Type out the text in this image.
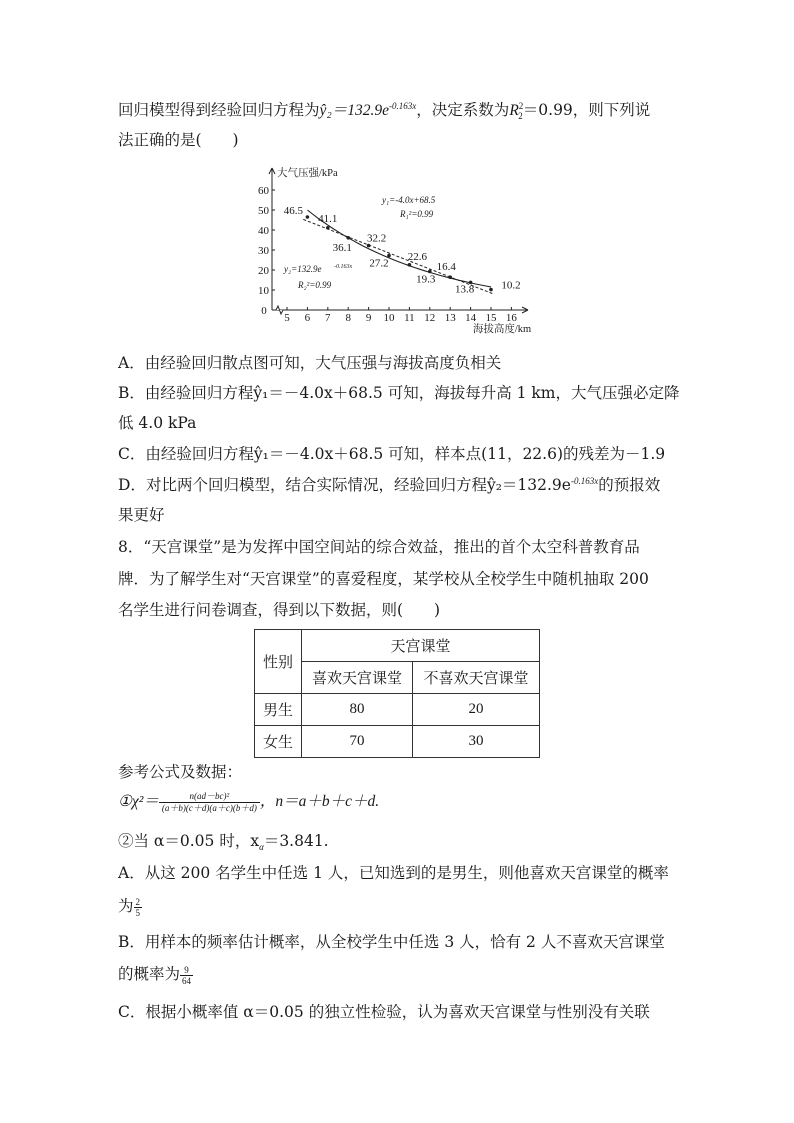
回归模型得到经验回归方程为$ŷ_2=132.9e^{-0.163x}$，决定系数为$R^2_2=0.99$，则下列说
法正确的是(　　)
大气压强/kPa
海拔高度/km
0
10
20
30
40
50
60
5 6 7 8 9 10 11 12 13 14 15 16
46.5
41.1
36.1
32.2
27.2
22.6
19.3
16.4
13.8 10.2
y₁=-4.0x+68.5
R₁²=0.99
y₂=132.9e -0.163x
R₂²=0.99
A．由经验回归散点图可知，大气压强与海拔高度负相关
B．由经验回归方程ŷ₁＝－4.0x＋68.5 可知，海拔每升高 1 km，大气压强必定降
低 4.0 kPa
C．由经验回归方程ŷ₁＝－4.0x＋68.5 可知，样本点(11，22.6)的残差为－1.9
D．对比两个回归模型，结合实际情况，经验回归方程$ŷ_2=132.9e^{-0.163x}$的预报效
果更好
8．“天宫课堂”是为发挥中国空间站的综合效益，推出的首个太空科普教育品
牌．为了解学生对“天宫课堂”的喜爱程度，某学校从全校学生中随机抽取 200
名学生进行问卷调查，得到以下数据，则(　　)
性别	天宫课堂	
	喜欢天宫课堂	不喜欢天宫课堂
男生	80	20
女生	70	30
参考公式及数据：
①χ²＝ $\frac{\text{n(ad－bc)²}}{(a+b)(c+d)(a+c)(b+d)}$ ，n＝a＋b＋c＋d.
②当 α＝0.05 时，$x_\alpha=3.841$.
A．从这 200 名学生中任选 1 人，已知选到的是男生，则他喜欢天宫课堂的概率
为 $\frac{2}{5}$
B．用样本的频率估计概率，从全校学生中任选 3 人，恰有 2 人不喜欢天宫课堂
的概率为 $\frac{9}{64}$
C．根据小概率值 α＝0.05 的独立性检验，认为喜欢天宫课堂与性别没有关联
